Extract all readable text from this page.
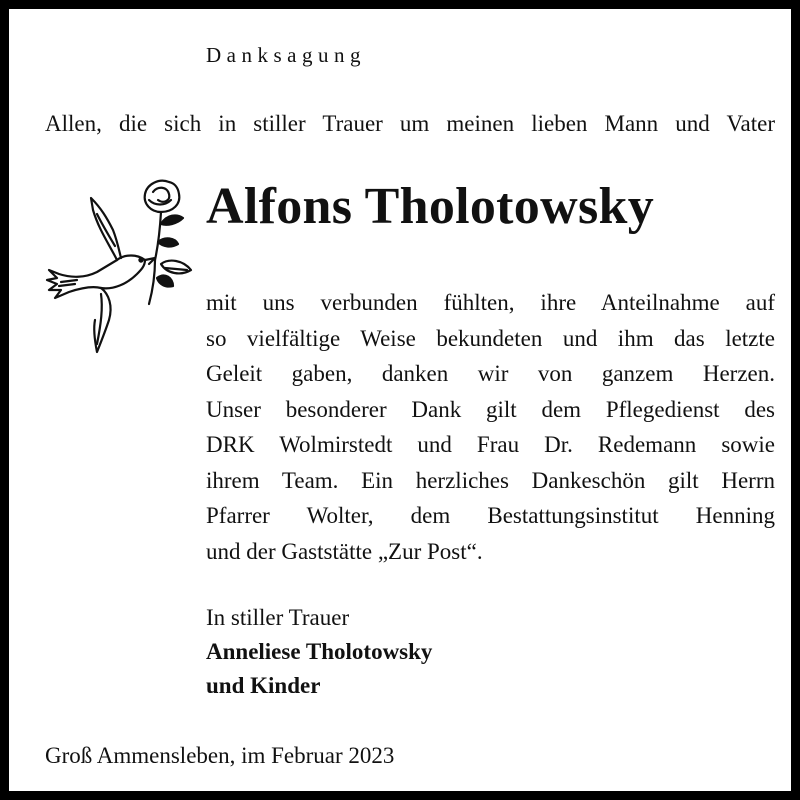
Danksagung
Allen, die sich in stiller Trauer um meinen lieben Mann und Vater
Alfons Tholotowsky
mit uns verbunden fühlten, ihre Anteilnahme auf
so vielfältige Weise bekundeten und ihm das letzte
Geleit gaben, danken wir von ganzem Herzen.
Unser besonderer Dank gilt dem Pflegedienst des
DRK Wolmirstedt und Frau Dr. Redemann sowie
ihrem Team. Ein herzliches Dankeschön gilt Herrn
Pfarrer Wolter, dem Bestattungsinstitut Henning
und der Gaststätte „Zur Post“.
In stiller Trauer
Anneliese Tholotowsky
und Kinder
Groß Ammensleben, im Februar 2023
